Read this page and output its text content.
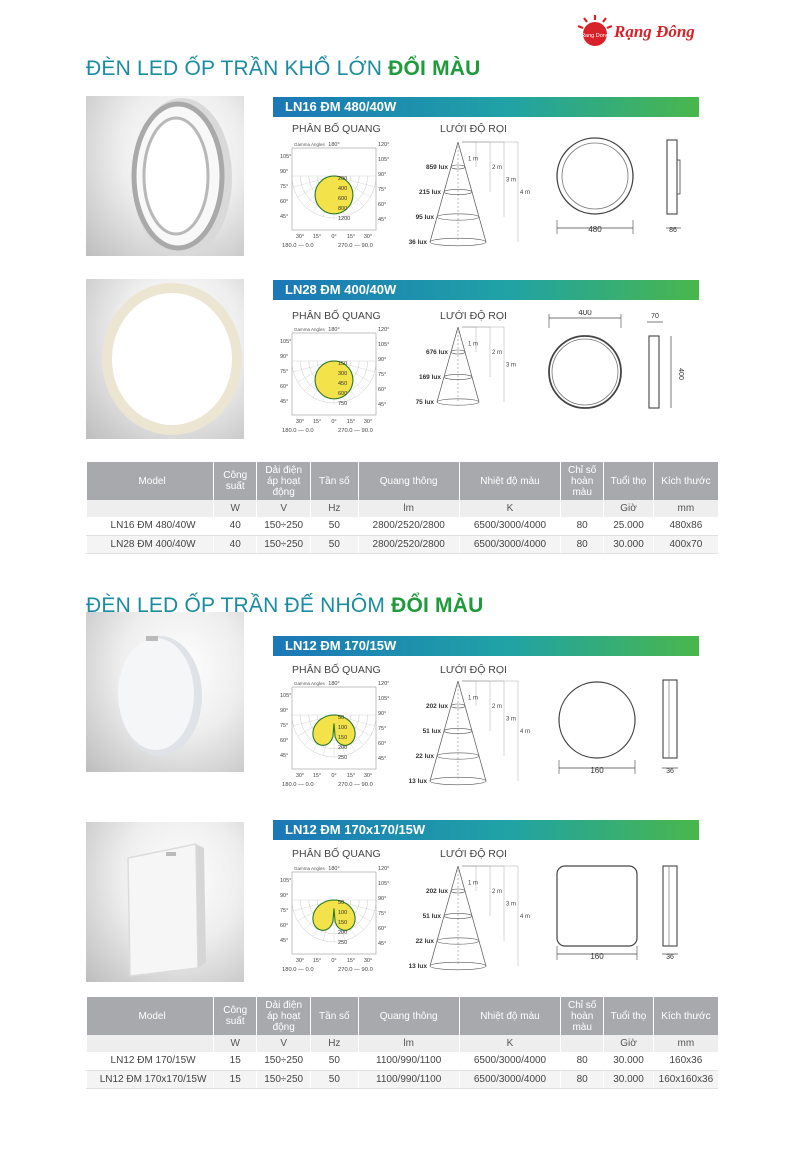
Rang Dong Rạng Đông
ĐÈN LED ỐP TRẦN KHỔ LỚN ĐỔI MÀU
LN16 ĐM 480/40W
LN28 ĐM 400/40W
LN12 ĐM 170/15W
LN12 ĐM 170x170/15W
PHÂN BỐ QUANG	LƯỚI ĐỘ RỌI
PHÂN BỐ QUANG	LƯỚI ĐỘ RỌI
PHÂN BỐ QUANG	LƯỚI ĐỘ RỌI
PHÂN BỐ QUANG	LƯỚI ĐỘ RỌI
Gamma Angles 180°
105°
90°
75°
60°
45°
120°
105°
90°
75°
60°
45°
200
400
600
800
1200
30° 15° 0° 15° 30°
180.0 — 0.0	270.0 — 90.0
Gamma Angles 180°
105°
90°
75°
60°
45°
120°
105°
90°
75°
60°
45°
150
300
450
600
750
30° 15° 0° 15° 30°
180.0 — 0.0	270.0 — 90.0
Gamma Angles 180°
105°
90°
75°
60°
45°
120°
105°
90°
75°
60°
45°
50
100
150
200
250
30° 15° 0° 15° 30°
180.0 — 0.0	270.0 — 90.0
Gamma Angles 180°
105°
90°
75°
60°
45°
120°
105°
90°
75°
60°
45°
50
100
150
200
250
30° 15° 0° 15° 30°
180.0 — 0.0	270.0 — 90.0
859 lux
1 m
215 lux
2 m
95 lux
3 m
36 lux
4 m
676 lux
1 m
169 lux
2 m
75 lux
3 m
202 lux
1 m
51 lux
2 m
22 lux
3 m
13 lux
4 m
202 lux
1 m
51 lux
2 m
22 lux
3 m
13 lux
4 m
480	86
400	70
400
160	36
160	36
Model	Công suất	Dải điện áp hoạt động	Tần số	Quang thông	Nhiệt độ màu	Chỉ số hoàn màu	Tuổi thọ	Kích thước
	W	V	Hz	lm	K		Giờ	mm
LN16 ĐM 480/40W	40	150÷250	50	2800/2520/2800	6500/3000/4000	80	25.000	480x86
LN28 ĐM 400/40W	40	150÷250	50	2800/2520/2800	6500/3000/4000	80	30.000	400x70
ĐÈN LED ỐP TRẦN ĐẾ NHÔM ĐỔI MÀU
Model	Công suất	Dải điện áp hoạt động	Tần số	Quang thông	Nhiệt độ màu	Chỉ số hoàn màu	Tuổi thọ	Kích thước
	W	V	Hz	lm	K		Giờ	mm
LN12 ĐM 170/15W	15	150÷250	50	1100/990/1100	6500/3000/4000	80	30.000	160x36
LN12 ĐM 170x170/15W	15	150÷250	50	1100/990/1100	6500/3000/4000	80	30.000	160x160x36
